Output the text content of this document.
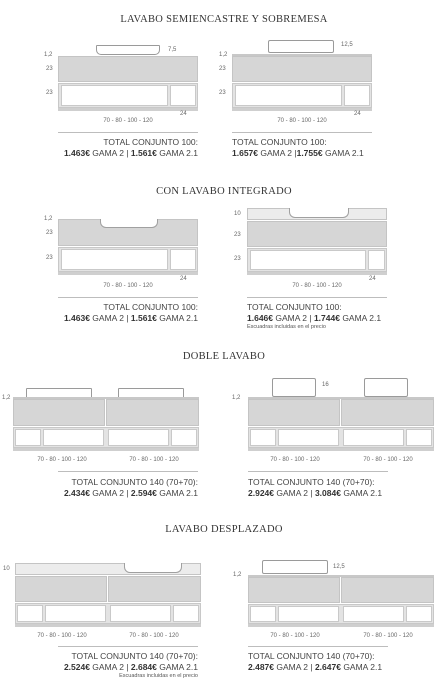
LAVABO SEMIENCASTRE Y SOBREMESA
1,2
23
23
7,5
24
70 - 80 - 100 - 120
TOTAL CONJUNTO 100:
1.463€ GAMA 2 | 1.561€ GAMA 2.1
1,2
23
23
12,5
24
70 - 80 - 100 - 120
TOTAL CONJUNTO 100:
1.657€ GAMA 2 |1.755€ GAMA 2.1
CON LAVABO INTEGRADO
1,2
23
23
24
70 - 80 - 100 - 120
TOTAL CONJUNTO 100:
1.463€ GAMA 2 | 1.561€ GAMA 2.1
10
23
23
24
70 - 80 - 100 - 120
TOTAL CONJUNTO 100:
1.646€ GAMA 2 | 1.744€ GAMA 2.1
Escuadras incluidas en el precio
DOBLE LAVABO
1,2
70 - 80 - 100 - 120	70 - 80 - 100 - 120
TOTAL CONJUNTO 140 (70+70):
2.434€ GAMA 2 | 2.594€ GAMA 2.1
1,2
16
70 - 80 - 100 - 120	70 - 80 - 100 - 120
TOTAL CONJUNTO 140 (70+70):
2.924€ GAMA 2 | 3.084€ GAMA 2.1
LAVABO DESPLAZADO
10
70 - 80 - 100 - 120	70 - 80 - 100 - 120
TOTAL CONJUNTO 140 (70+70):
2.524€ GAMA 2 | 2.684€ GAMA 2.1
Escuadras incluidas en el precio
1,2
12,5
70 - 80 - 100 - 120	70 - 80 - 100 - 120
TOTAL CONJUNTO 140 (70+70):
2.487€ GAMA 2 | 2.647€ GAMA 2.1
